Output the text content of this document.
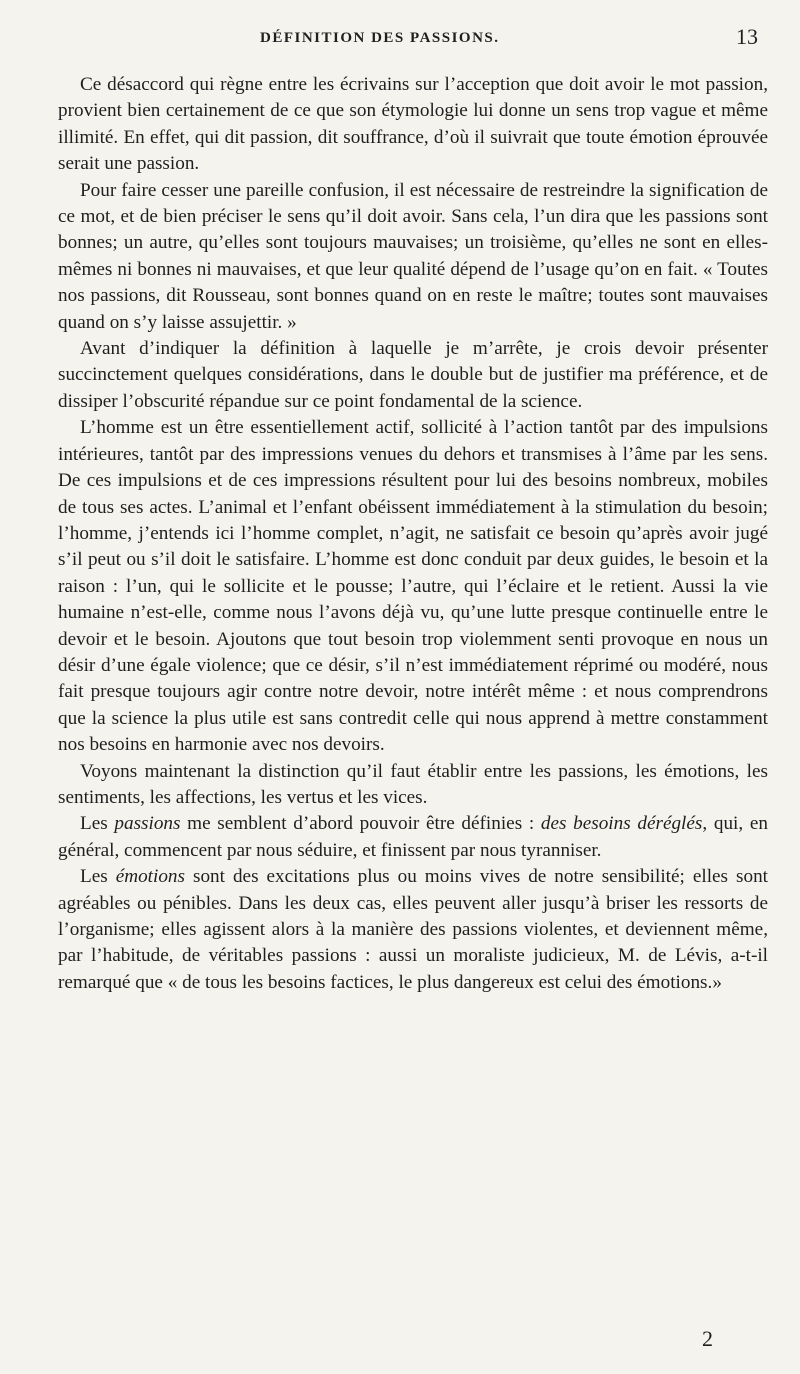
DÉFINITION DES PASSIONS.	13

Ce désaccord qui règne entre les écrivains sur l’acception que doit avoir le mot passion, provient bien certainement de ce que son étymologie lui donne un sens trop vague et même illimité. En effet, qui dit passion, dit souffrance, d’où il suivrait que toute émotion éprouvée serait une passion.

Pour faire cesser une pareille confusion, il est nécessaire de restreindre la signification de ce mot, et de bien préciser le sens qu’il doit avoir. Sans cela, l’un dira que les passions sont bonnes; un autre, qu’elles sont toujours mauvaises; un troisième, qu’elles ne sont en elles-mêmes ni bonnes ni mauvaises, et que leur qualité dépend de l’usage qu’on en fait. « Toutes nos passions, dit Rousseau, sont bonnes quand on en reste le maître; toutes sont mauvaises quand on s’y laisse assujettir. »

Avant d’indiquer la définition à laquelle je m’arrête, je crois devoir présenter succinctement quelques considérations, dans le double but de justifier ma préférence, et de dissiper l’obscurité répandue sur ce point fondamental de la science.

L’homme est un être essentiellement actif, sollicité à l’action tantôt par des impulsions intérieures, tantôt par des impressions venues du dehors et transmises à l’âme par les sens. De ces impulsions et de ces impressions résultent pour lui des besoins nombreux, mobiles de tous ses actes. L’animal et l’enfant obéissent immédiatement à la stimulation du besoin; l’homme, j’entends ici l’homme complet, n’agit, ne satisfait ce besoin qu’après avoir jugé s’il peut ou s’il doit le satisfaire. L’homme est donc conduit par deux guides, le besoin et la raison : l’un, qui le sollicite et le pousse; l’autre, qui l’éclaire et le retient. Aussi la vie humaine n’est-elle, comme nous l’avons déjà vu, qu’une lutte presque continuelle entre le devoir et le besoin. Ajoutons que tout besoin trop violemment senti provoque en nous un désir d’une égale violence; que ce désir, s’il n’est immédiatement réprimé ou modéré, nous fait presque toujours agir contre notre devoir, notre intérêt même : et nous comprendrons que la science la plus utile est sans contredit celle qui nous apprend à mettre constamment nos besoins en harmonie avec nos devoirs.

Voyons maintenant la distinction qu’il faut établir entre les passions, les émotions, les sentiments, les affections, les vertus et les vices.

Les passions me semblent d’abord pouvoir être définies : des besoins déréglés, qui, en général, commencent par nous séduire, et finissent par nous tyranniser.

Les émotions sont des excitations plus ou moins vives de notre sensibilité; elles sont agréables ou pénibles. Dans les deux cas, elles peuvent aller jusqu’à briser les ressorts de l’organisme; elles agissent alors à la manière des passions violentes, et deviennent même, par l’habitude, de véritables passions : aussi un moraliste judicieux, M. de Lévis, a-t-il remarqué que « de tous les besoins factices, le plus dangereux est celui des émotions.»

2
